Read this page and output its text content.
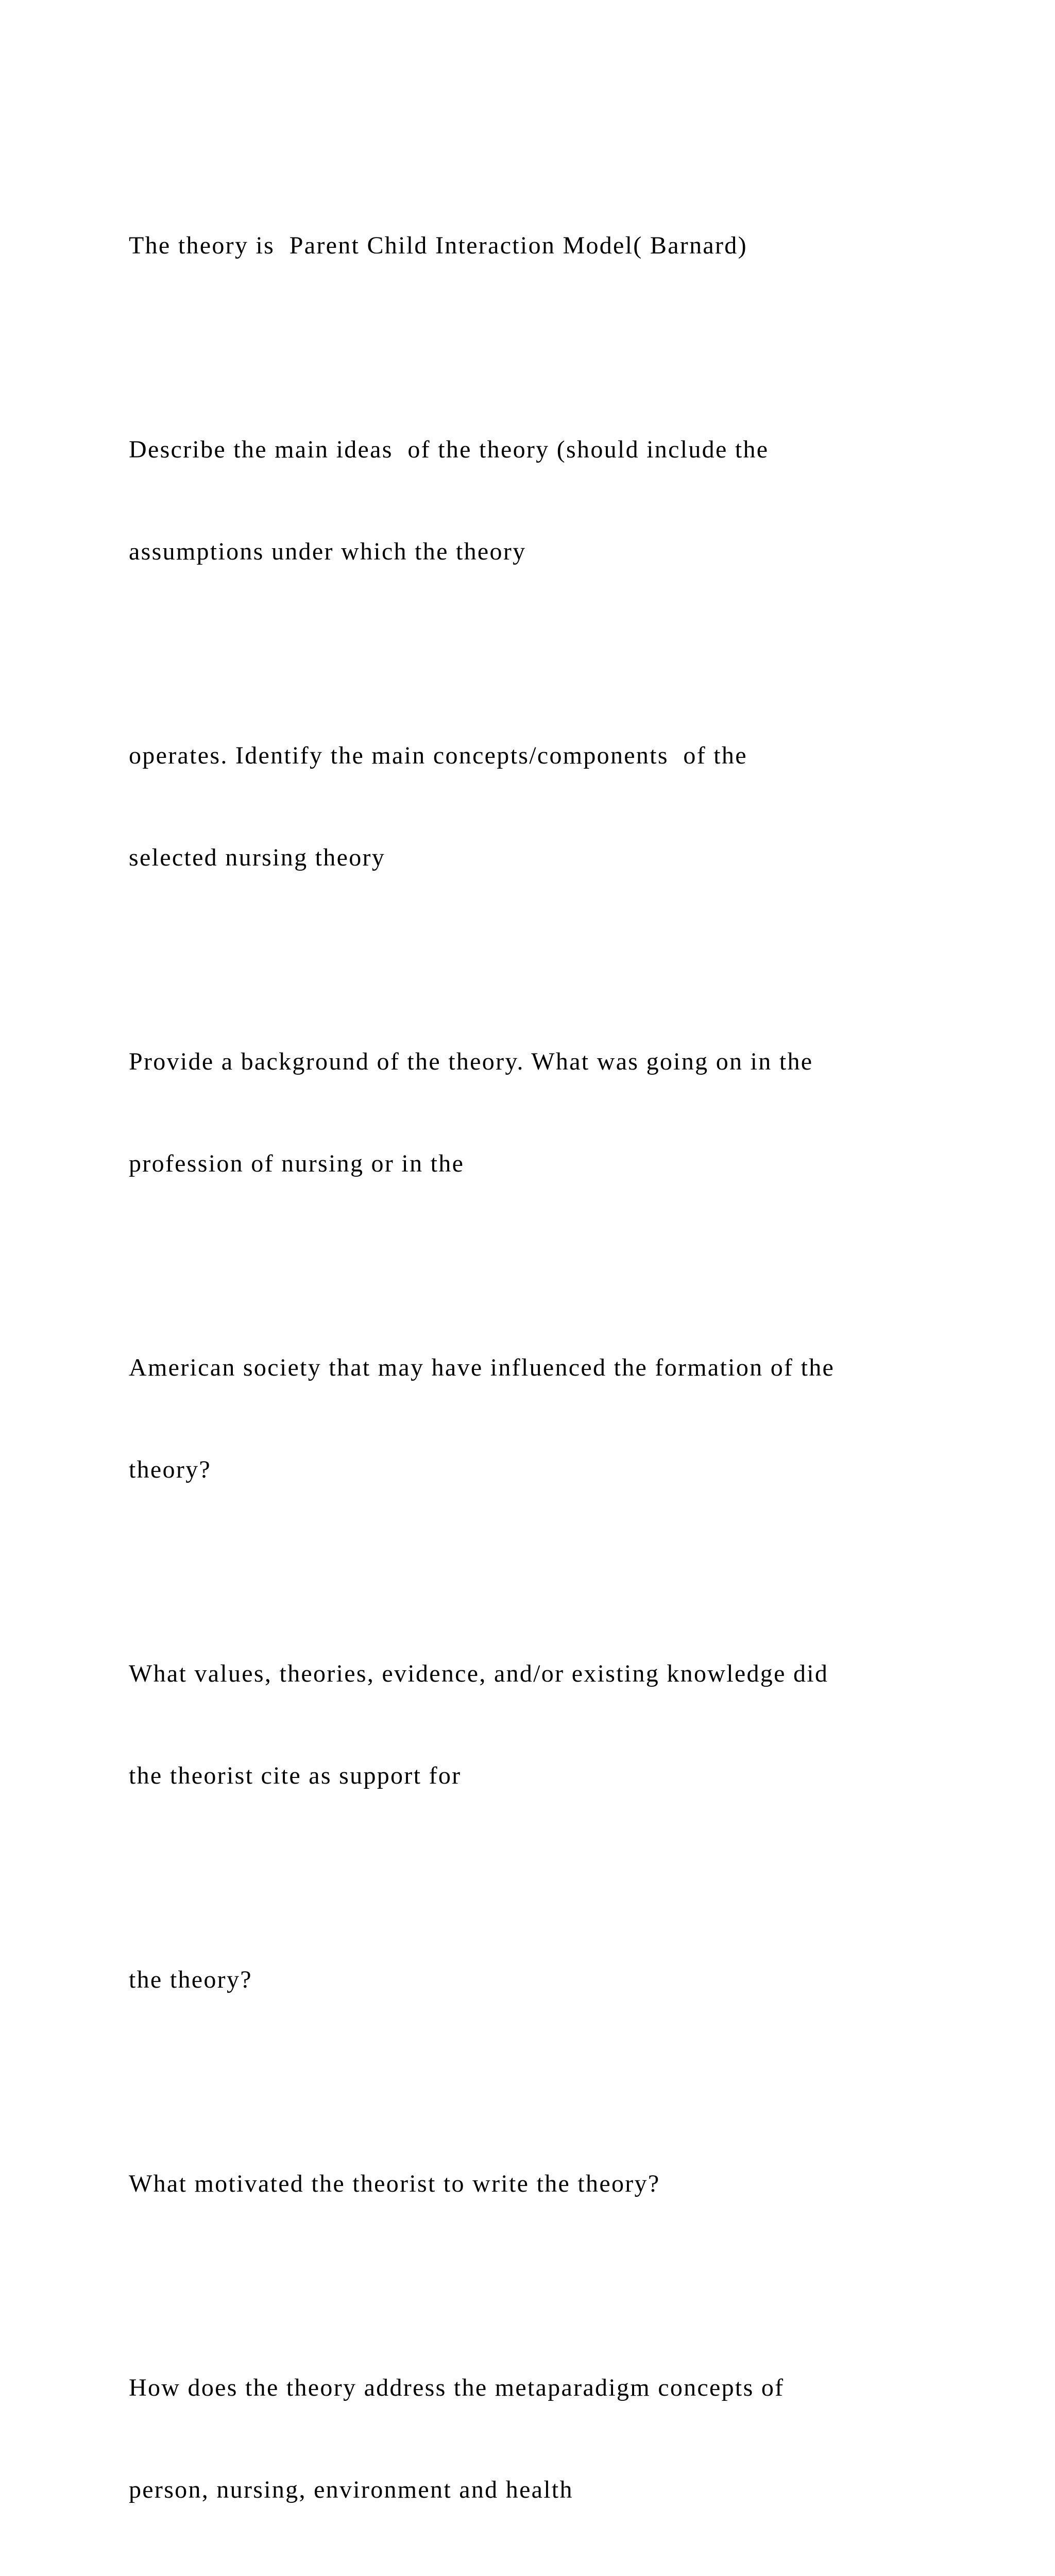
The theory is  Parent Child Interaction Model( Barnard)

Describe the main ideas  of the theory (should include the

assumptions under which the theory

operates. Identify the main concepts/components  of the

selected nursing theory

Provide a background of the theory. What was going on in the

profession of nursing or in the

American society that may have influenced the formation of the

theory?

What values, theories, evidence, and/or existing knowledge did

the theorist cite as support for

the theory?

What motivated the theorist to write the theory?

How does the theory address the metaparadigm concepts of

person, nursing, environment and health
